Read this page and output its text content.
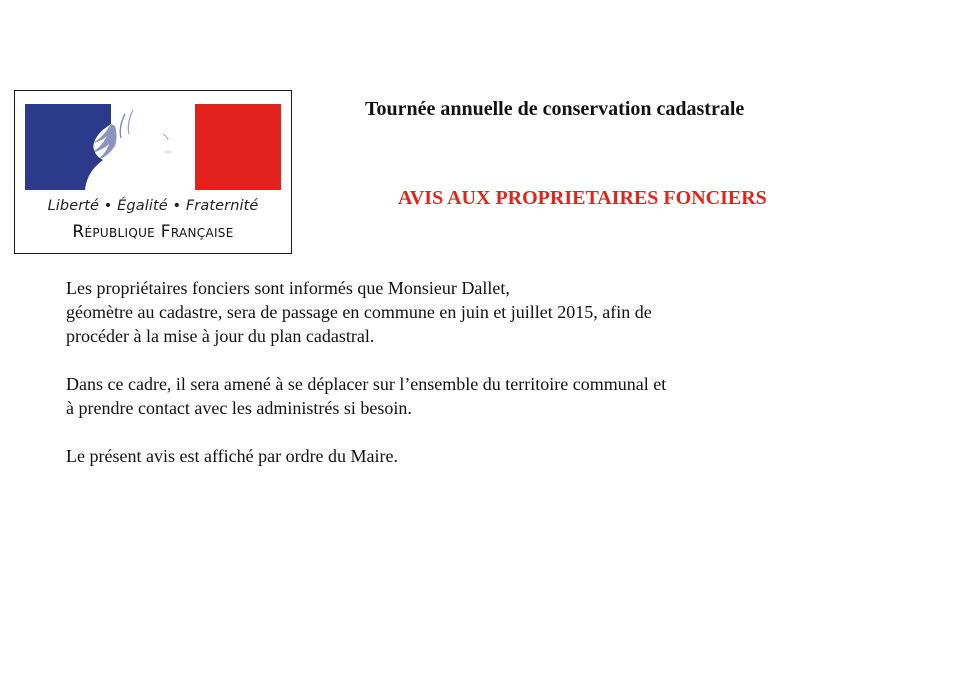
Liberté • Égalité • Fraternité
République Française
Tournée annuelle de conservation cadastrale
AVIS AUX PROPRIETAIRES FONCIERS

Les propriétaires fonciers sont informés que Monsieur Dallet,
géomètre au cadastre, sera de passage en commune en juin et juillet 2015, afin de
procéder à la mise à jour du plan cadastral.

Dans ce cadre, il sera amené à se déplacer sur l’ensemble du territoire communal et
à prendre contact avec les administrés si besoin.

Le présent avis est affiché par ordre du Maire.
